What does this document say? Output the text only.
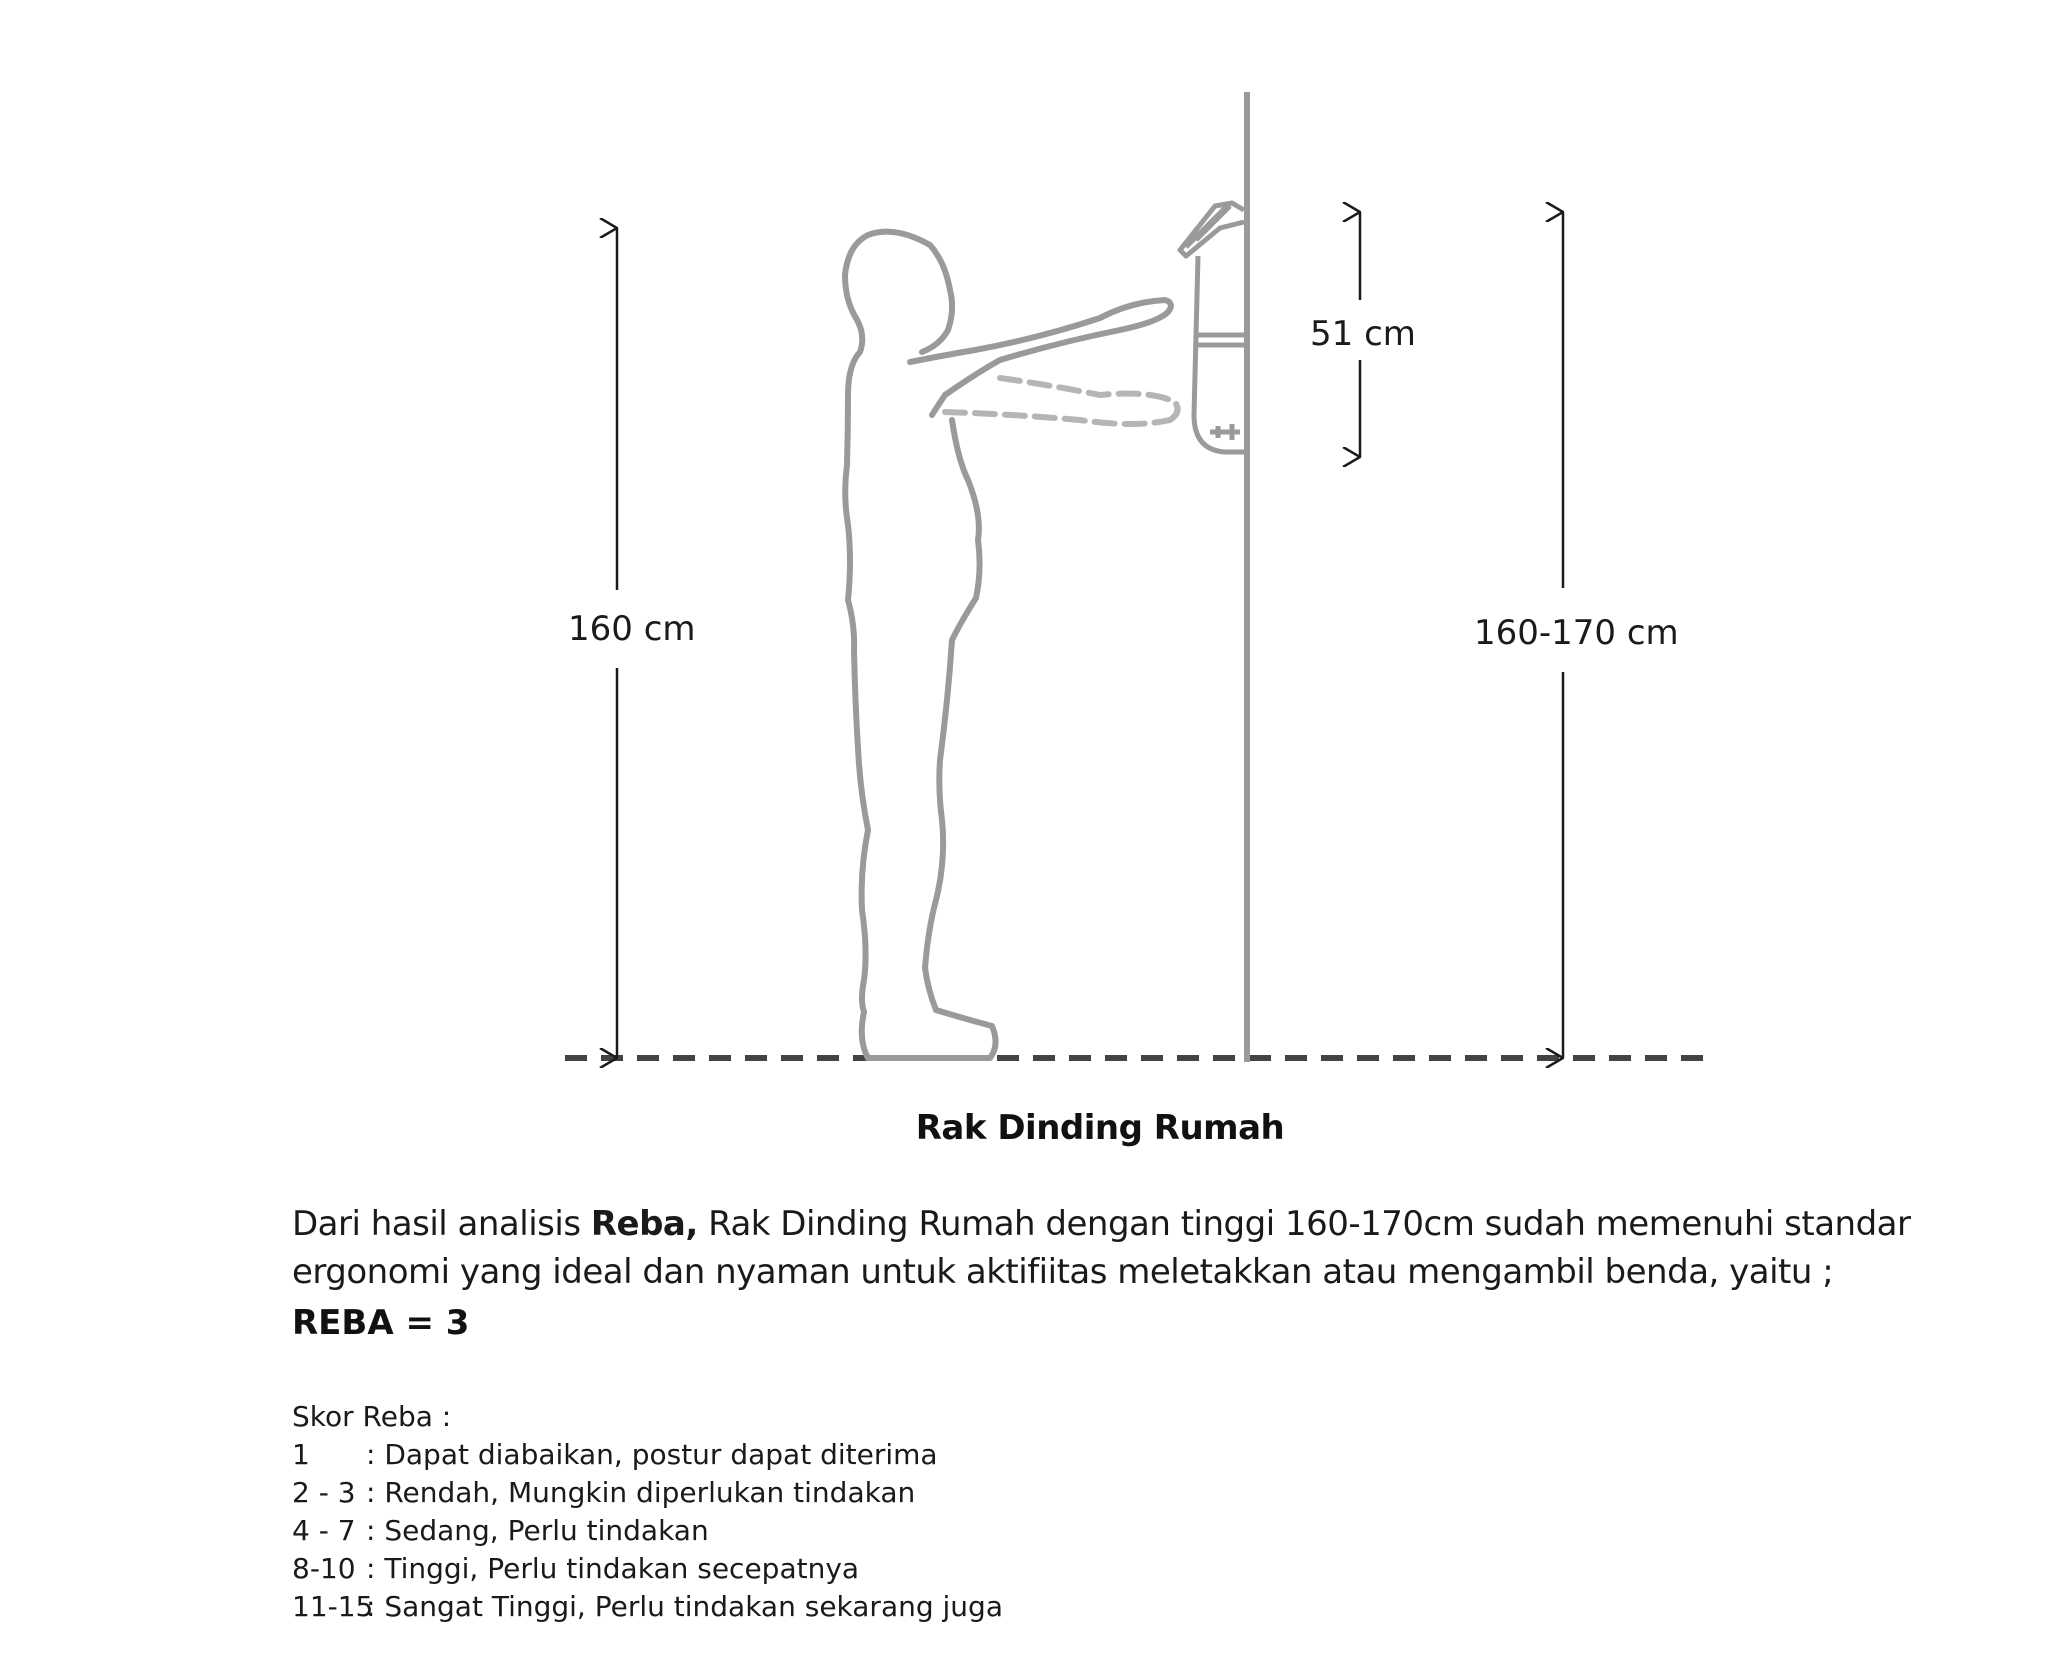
160 cm
51 cm
160-170 cm
Rak Dinding Rumah
Dari hasil analisis Reba, Rak Dinding Rumah dengan tinggi 160-170cm sudah memenuhi standar
ergonomi yang ideal dan nyaman untuk aktifiitas meletakkan atau mengambil benda, yaitu ;
REBA = 3
Skor Reba :
1	: Dapat diabaikan, postur dapat diterima
2 - 3 : Rendah, Mungkin diperlukan tindakan
4 - 7 : Sedang, Perlu tindakan
8-10 : Tinggi, Perlu tindakan secepatnya
11-15
: Sangat Tinggi, Perlu tindakan sekarang juga
